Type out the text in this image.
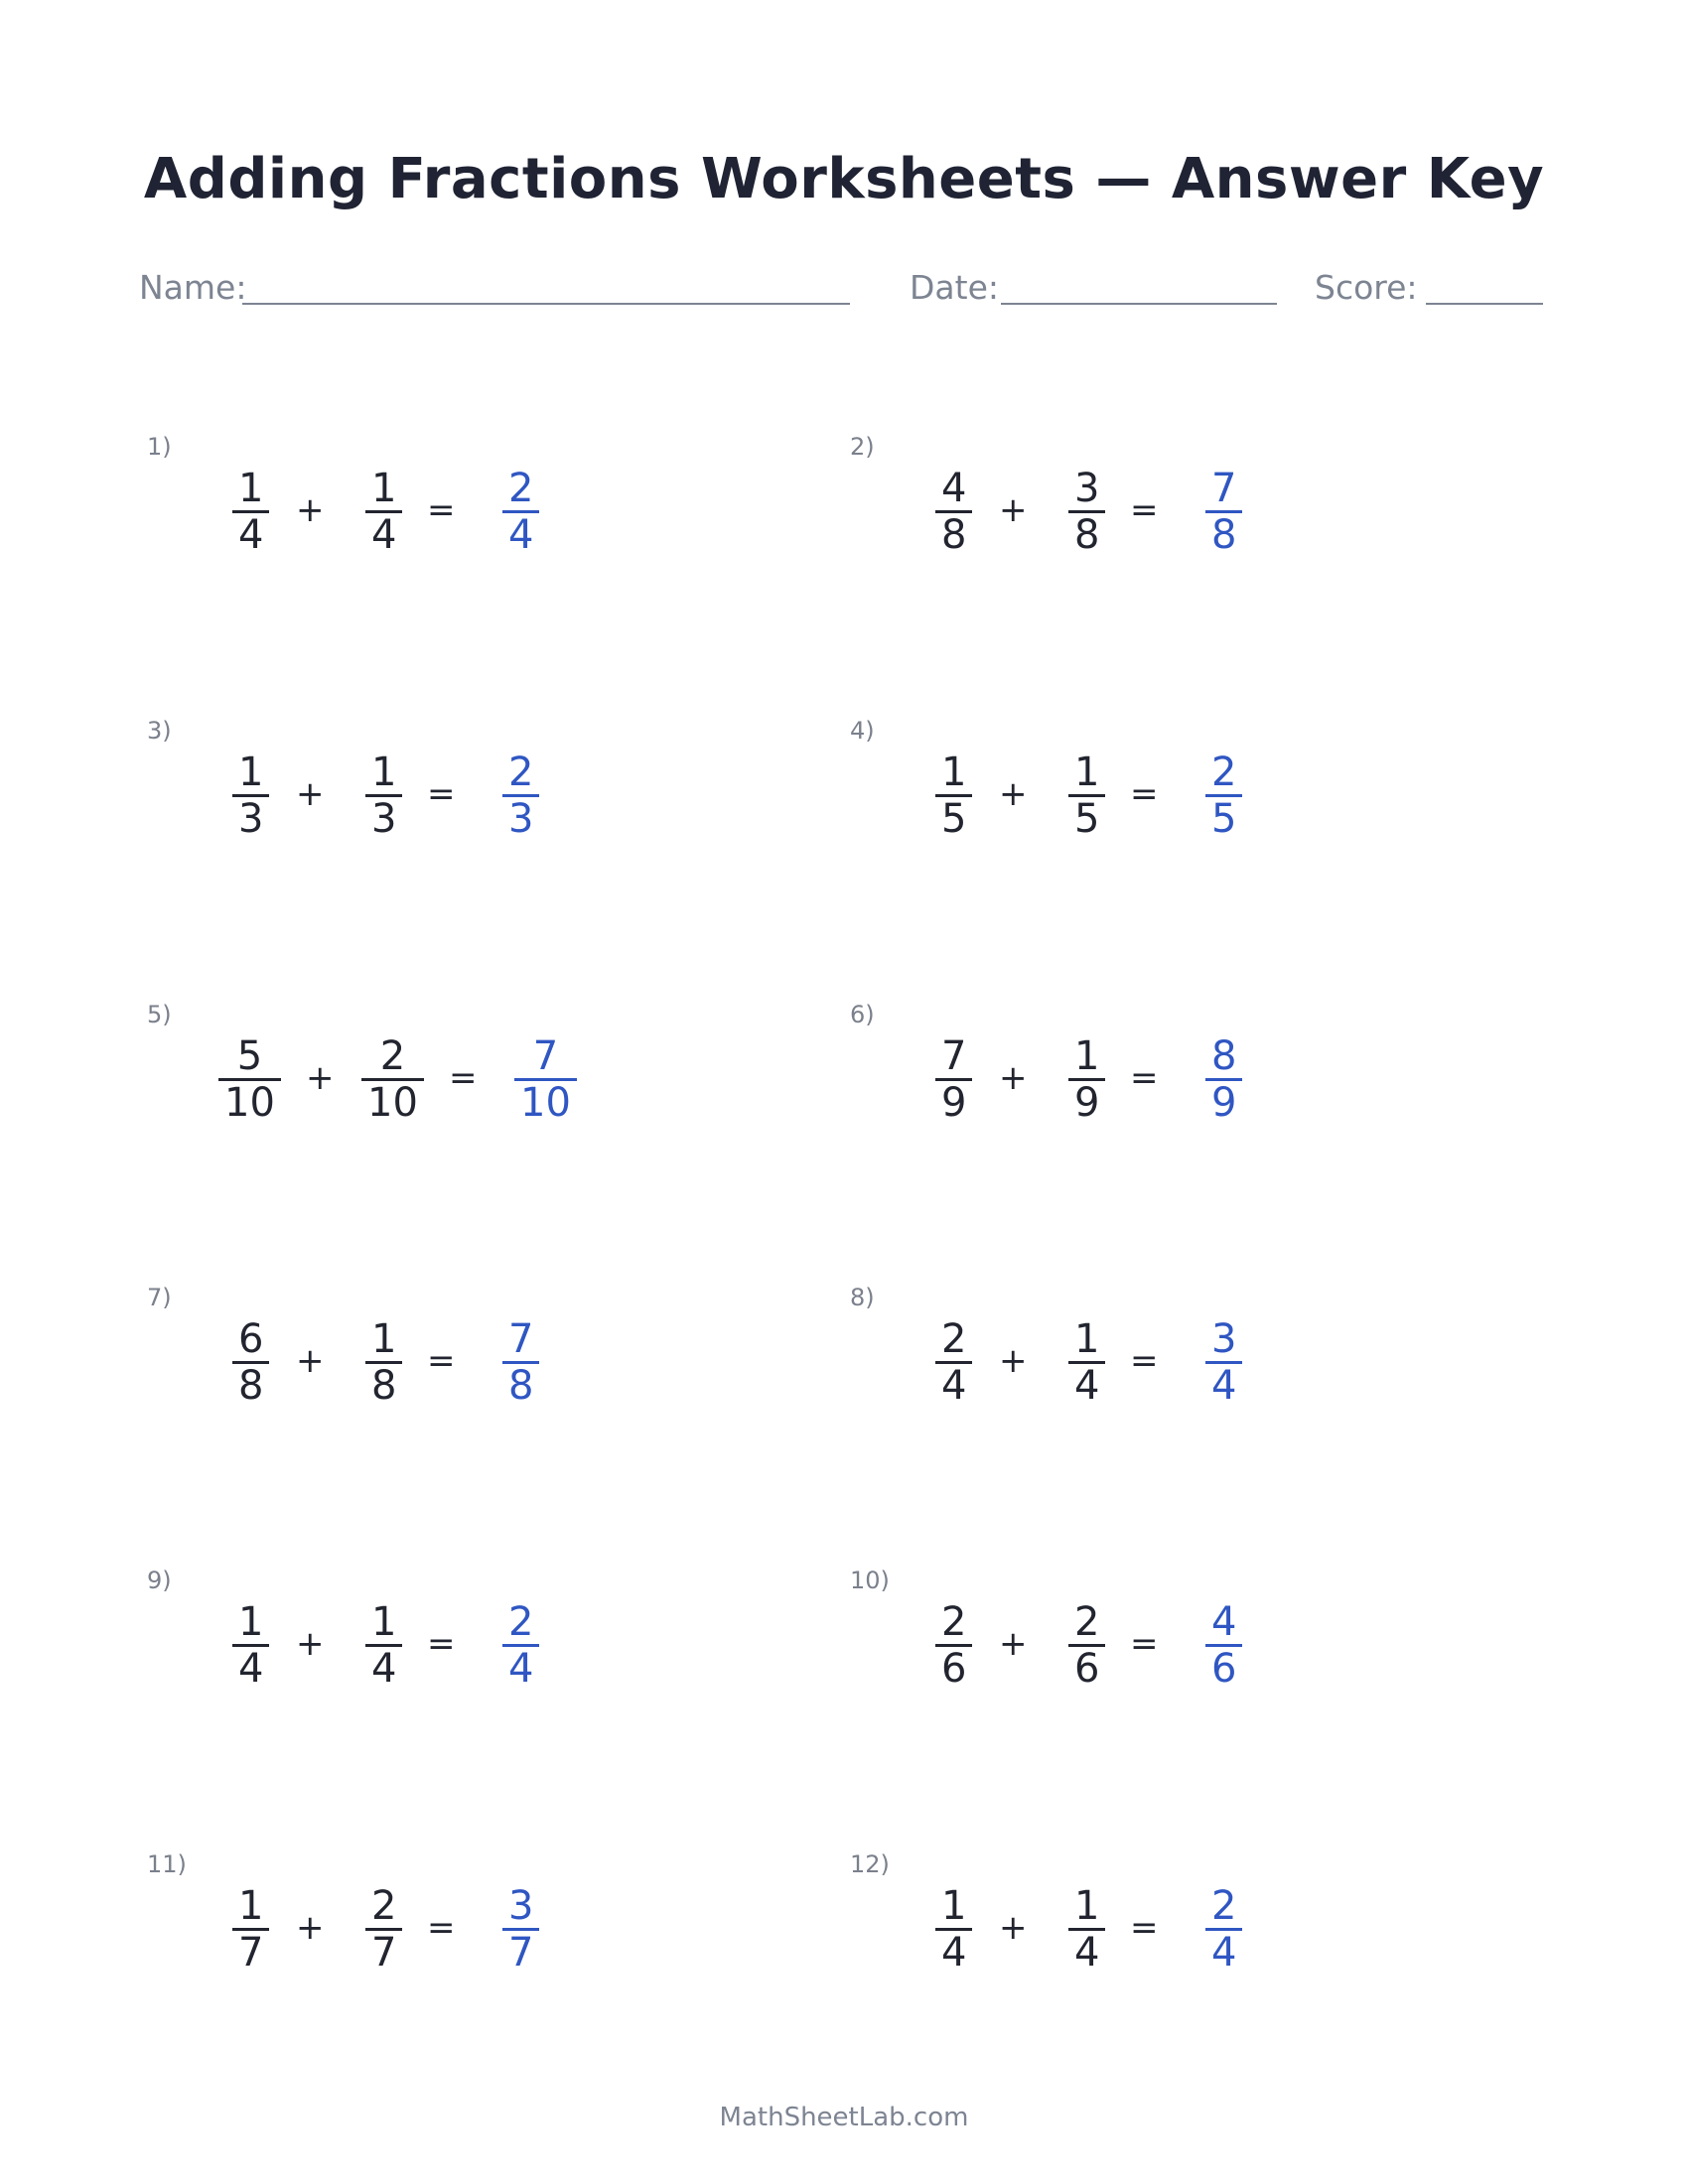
Adding Fractions Worksheets — Answer Key
Name:	Date:	Score:
1)
$\frac{1}{4} + \frac{1}{4} = \frac{2}{4}$
2)
$\frac{4}{8} + \frac{3}{8} = \frac{7}{8}$
3)
$\frac{1}{3} + \frac{1}{3} = \frac{2}{3}$
4)
$\frac{1}{5} + \frac{1}{5} = \frac{2}{5}$
5)
$\frac{5}{10} + \frac{2}{10} = \frac{7}{10}$
6)
$\frac{7}{9} + \frac{1}{9} = \frac{8}{9}$
7)
$\frac{6}{8} + \frac{1}{8} = \frac{7}{8}$
8)
$\frac{2}{4} + \frac{1}{4} = \frac{3}{4}$
9)
$\frac{1}{4} + \frac{1}{4} = \frac{2}{4}$
10)
$\frac{2}{6} + \frac{2}{6} = \frac{4}{6}$
11)
$\frac{1}{7} + \frac{2}{7} = \frac{3}{7}$
12)
$\frac{1}{4} + \frac{1}{4} = \frac{2}{4}$
MathSheetLab.com
